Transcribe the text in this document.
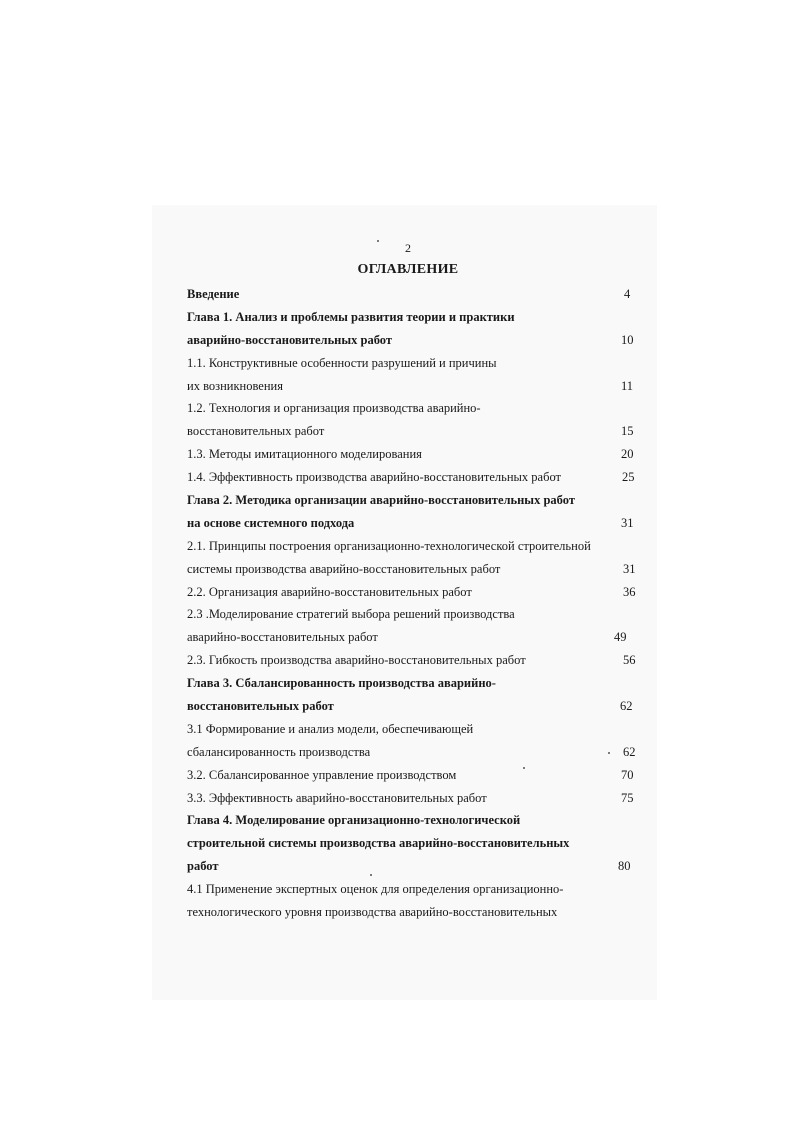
2
ОГЛАВЛЕНИЕ
Введение	4
Глава 1. Анализ и проблемы развития теории и практики
аварийно-восстановительных работ	10
1.1. Конструктивные особенности разрушений и причины
их возникновения	11
1.2. Технология и организация производства аварийно-
восстановительных работ	15
1.3. Методы имитационного моделирования	20
1.4. Эффективность производства аварийно-восстановительных работ	25
Глава 2. Методика организации аварийно-восстановительных работ
на основе системного подхода	31
2.1. Принципы построения организационно-технологической строительной
системы производства аварийно-восстановительных работ	31
2.2. Организация аварийно-восстановительных работ	36
2.3 .Моделирование стратегий выбора решений производства
аварийно-восстановительных работ	49
2.3. Гибкость производства аварийно-восстановительных работ	56
Глава 3. Сбалансированность производства аварийно-
восстановительных работ	62
3.1 Формирование и анализ модели, обеспечивающей
сбалансированность производства	62
3.2. Сбалансированное управление производством	70
3.3. Эффективность аварийно-восстановительных работ	75
Глава 4. Моделирование организационно-технологической
строительной системы производства аварийно-восстановительных
работ	80
4.1 Применение экспертных оценок для определения организационно-
технологического уровня производства аварийно-восстановительных
